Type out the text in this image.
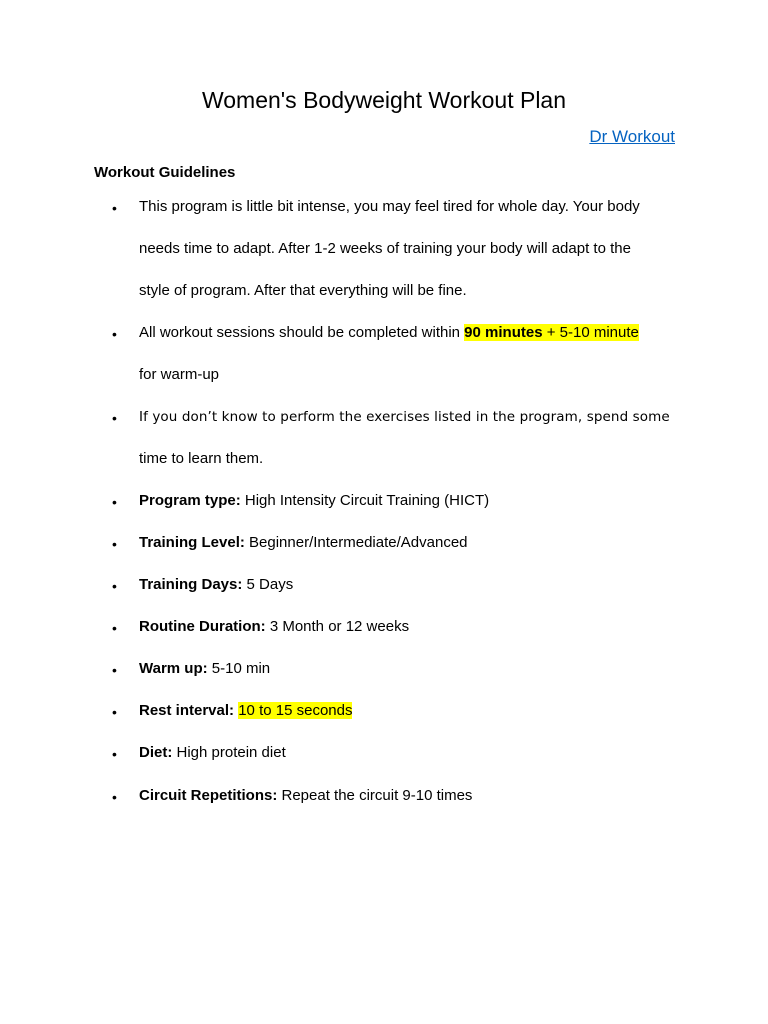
Women's Bodyweight Workout Plan
Dr Workout
Workout Guidelines
• This program is little bit intense, you may feel tired for whole day. Your body
needs time to adapt. After 1-2 weeks of training your body will adapt to the
style of program. After that everything will be fine.
• All workout sessions should be completed within 90 minutes + 5-10 minute
for warm-up
• If you don’t know to perform the exercises listed in the program, spend some
time to learn them.
• Program type: High Intensity Circuit Training (HICT)
• Training Level: Beginner/Intermediate/Advanced
• Training Days: 5 Days
• Routine Duration: 3 Month or 12 weeks
• Warm up: 5-10 min
• Rest interval: 10 to 15 seconds
• Diet: High protein diet
• Circuit Repetitions: Repeat the circuit 9-10 times
